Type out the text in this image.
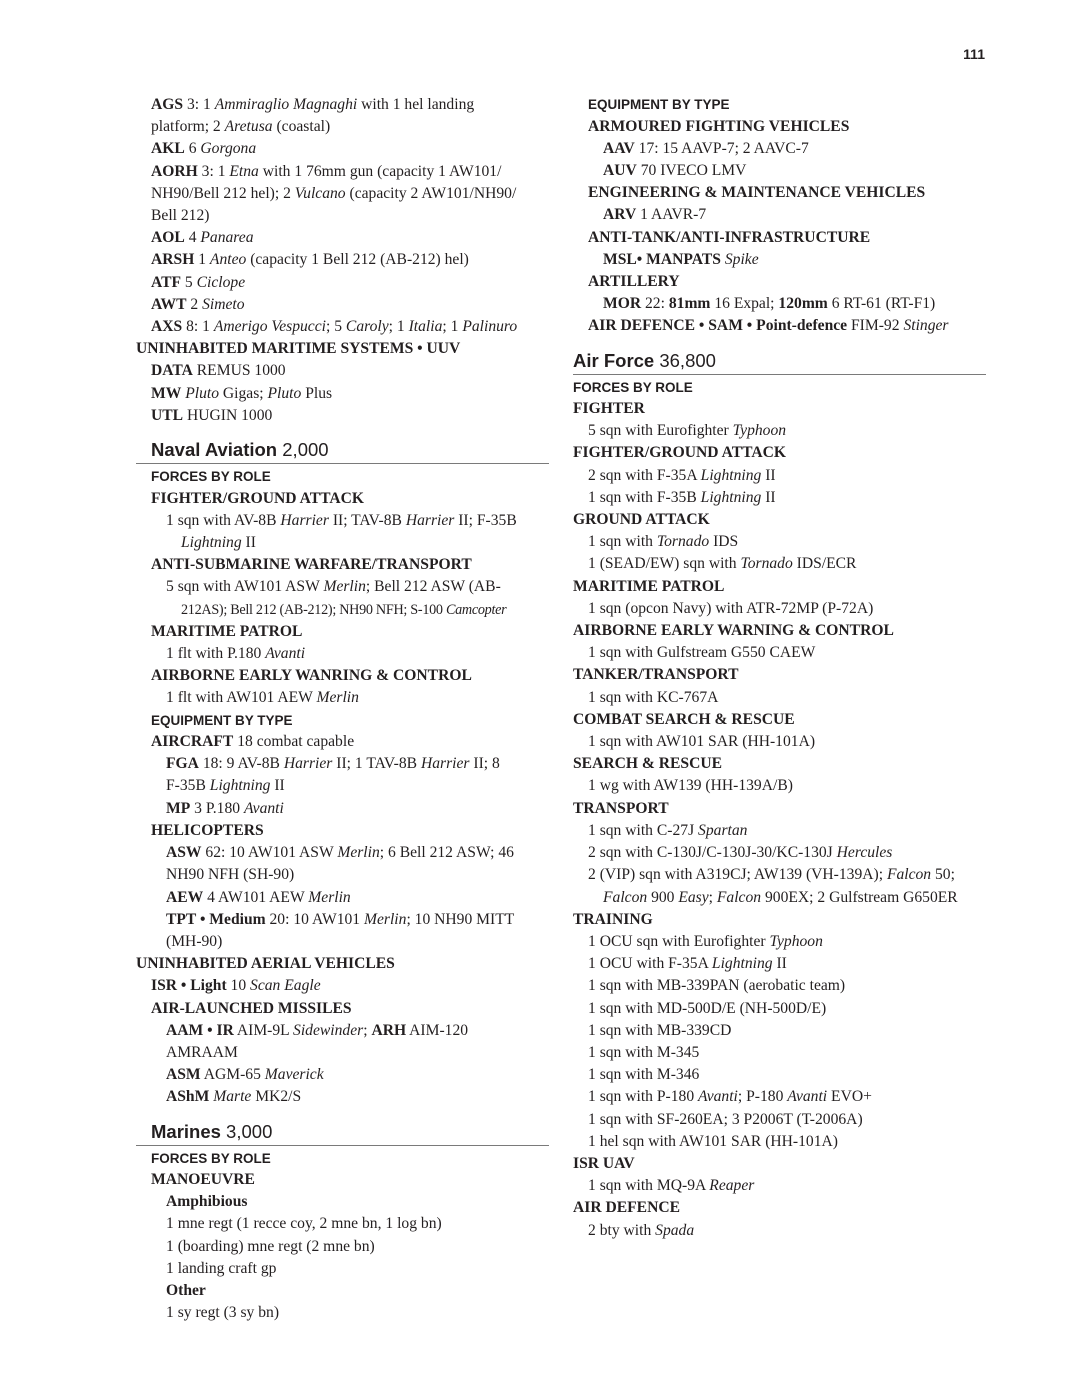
111
AGS 3: 1 Ammiraglio Magnaghi with 1 hel landing
platform; 2 Aretusa (coastal)
AKL 6 Gorgona
AORH 3: 1 Etna with 1 76mm gun (capacity 1 AW101/
NH90/Bell 212 hel); 2 Vulcano (capacity 2 AW101/NH90/
Bell 212)
AOL 4 Panarea
ARSH 1 Anteo (capacity 1 Bell 212 (AB-212) hel)
ATF 5 Ciclope
AWT 2 Simeto
AXS 8: 1 Amerigo Vespucci; 5 Caroly; 1 Italia; 1 Palinuro
UNINHABITED MARITIME SYSTEMS • UUV
DATA REMUS 1000
MW Pluto Gigas; Pluto Plus
UTL HUGIN 1000
Naval Aviation 2,000
FORCES BY ROLE
FIGHTER/GROUND ATTACK
1 sqn with AV-8B Harrier II; TAV-8B Harrier II; F-35B
Lightning II
ANTI-SUBMARINE WARFARE/TRANSPORT
5 sqn with AW101 ASW Merlin; Bell 212 ASW (AB-
212AS); Bell 212 (AB-212); NH90 NFH; S-100 Camcopter
MARITIME PATROL
1 flt with P.180 Avanti
AIRBORNE EARLY WANRING & CONTROL
1 flt with AW101 AEW Merlin
EQUIPMENT BY TYPE
AIRCRAFT 18 combat capable
FGA 18: 9 AV-8B Harrier II; 1 TAV-8B Harrier II; 8
F-35B Lightning II
MP 3 P.180 Avanti
HELICOPTERS
ASW 62: 10 AW101 ASW Merlin; 6 Bell 212 ASW; 46
NH90 NFH (SH-90)
AEW 4 AW101 AEW Merlin
TPT • Medium 20: 10 AW101 Merlin; 10 NH90 MITT
(MH-90)
UNINHABITED AERIAL VEHICLES
ISR • Light 10 Scan Eagle
AIR-LAUNCHED MISSILES
AAM • IR AIM-9L Sidewinder; ARH AIM-120
AMRAAM
ASM AGM-65 Maverick
AShM Marte MK2/S
Marines 3,000
FORCES BY ROLE
MANOEUVRE
Amphibious
1 mne regt (1 recce coy, 2 mne bn, 1 log bn)
1 (boarding) mne regt (2 mne bn)
1 landing craft gp
Other
1 sy regt (3 sy bn)
EQUIPMENT BY TYPE
ARMOURED FIGHTING VEHICLES
AAV 17: 15 AAVP-7; 2 AAVC-7
AUV 70 IVECO LMV
ENGINEERING & MAINTENANCE VEHICLES
ARV 1 AAVR-7
ANTI-TANK/ANTI-INFRASTRUCTURE
MSL• MANPATS Spike
ARTILLERY
MOR 22: 81mm 16 Expal; 120mm 6 RT-61 (RT-F1)
AIR DEFENCE • SAM • Point-defence FIM-92 Stinger
Air Force 36,800
FORCES BY ROLE
FIGHTER
5 sqn with Eurofighter Typhoon
FIGHTER/GROUND ATTACK
2 sqn with F-35A Lightning II
1 sqn with F-35B Lightning II
GROUND ATTACK
1 sqn with Tornado IDS
1 (SEAD/EW) sqn with Tornado IDS/ECR
MARITIME PATROL
1 sqn (opcon Navy) with ATR-72MP (P-72A)
AIRBORNE EARLY WARNING & CONTROL
1 sqn with Gulfstream G550 CAEW
TANKER/TRANSPORT
1 sqn with KC-767A
COMBAT SEARCH & RESCUE
1 sqn with AW101 SAR (HH-101A)
SEARCH & RESCUE
1 wg with AW139 (HH-139A/B)
TRANSPORT
1 sqn with C-27J Spartan
2 sqn with C-130J/C-130J-30/KC-130J Hercules
2 (VIP) sqn with A319CJ; AW139 (VH-139A); Falcon 50;
Falcon 900 Easy; Falcon 900EX; 2 Gulfstream G650ER
TRAINING
1 OCU sqn with Eurofighter Typhoon
1 OCU with F-35A Lightning II
1 sqn with MB-339PAN (aerobatic team)
1 sqn with MD-500D/E (NH-500D/E)
1 sqn with MB-339CD
1 sqn with M-345
1 sqn with M-346
1 sqn with P-180 Avanti; P-180 Avanti EVO+
1 sqn with SF-260EA; 3 P2006T (T-2006A)
1 hel sqn with AW101 SAR (HH-101A)
ISR UAV
1 sqn with MQ-9A Reaper
AIR DEFENCE
2 bty with Spada
